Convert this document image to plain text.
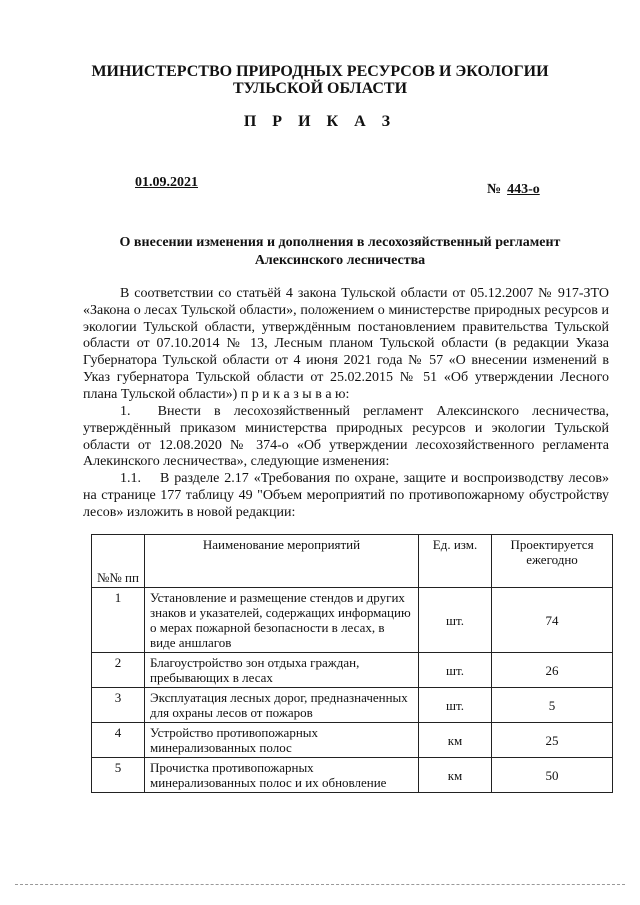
МИНИСТЕРСТВО ПРИРОДНЫХ РЕСУРСОВ И ЭКОЛОГИИ
ТУЛЬСКОЙ ОБЛАСТИ
П Р И К А З
01.09.2021	№ 443-о
О внесении изменения и дополнения в лесохозяйственный регламент
Алексинского лесничества
В соответствии со статьёй 4 закона Тульской области от 05.12.2007 № 917-ЗТО «Закона о лесах Тульской области», положением о министерстве природных ресурсов и экологии Тульской области, утверждённым постановлением правительства Тульской области от 07.10.2014 № 13, Лесным планом Тульской области (в редакции Указа Губернатора Тульской области от 4 июня 2021 года № 57 «О внесении изменений в Указ губернатора Тульской области от 25.02.2015 № 51 «Об утверждении Лесного плана Тульской области») п р и к а з ы в а ю:
1.  Внести в лесохозяйственный регламент Алексинского лесничества, утверждённый приказом министерства природных ресурсов и экологии Тульской области от 12.08.2020 № 374-о «Об утверждении лесохозяйственного регламента Алекинского лесничества», следующие изменения:
1.1.  В разделе 2.17 «Требования по охране, защите и воспроизводству лесов» на странице 177 таблицу 49 "Объем мероприятий по противопожарному обустройству лесов» изложить в новой редакции:
№№ пп	Наименование мероприятий	Ед. изм.	Проектируется ежегодно
1	Установление и размещение стендов и других знаков и указателей, содержащих информацию о мерах пожарной безопасности в лесах, в виде аншлагов	шт.	74
2	Благоустройство зон отдыха граждан, пребывающих в лесах	шт.	26
3	Эксплуатация лесных дорог, предназначенных для охраны лесов от пожаров	шт.	5
4	Устройство противопожарных минерализованных полос	км	25
5	Прочистка противопожарных минерализованных полос и их обновление	км	50
